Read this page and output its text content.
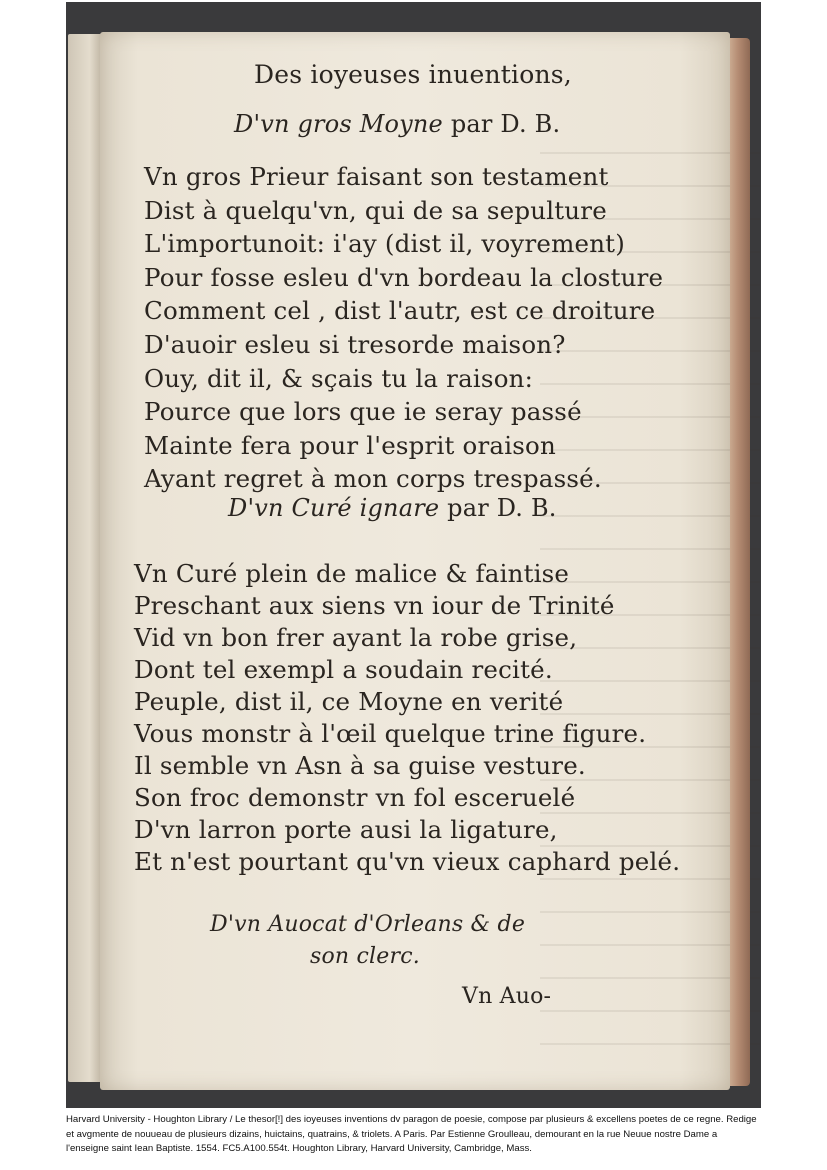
Des ioyeuses inuentions,
D'vn gros Moyne par D. B.
Vn gros Prieur faisant son testament
Dist à quelqu'vn, qui de sa sepulture
L'importunoit: i'ay (dist il, voyrement)
Pour fosse esleu d'vn bordeau la closture
Comment cel , dist l'autr, est ce droiture
D'auoir esleu si tresorde maison?
Ouy, dit il, & sçais tu la raison:
Pource que lors que ie seray passé
Mainte fera pour l'esprit oraison
Ayant regret à mon corps trespassé.
D'vn Curé ignare par D. B.
Vn Curé plein de malice & faintise
Preschant aux siens vn iour de Trinité
Vid vn bon frer ayant la robe grise,
Dont tel exempl a soudain recité.
Peuple, dist il, ce Moyne en verité
Vous monstr à l'œil quelque trine figure.
Il semble vn Asn à sa guise vesture.
Son froc demonstr vn fol esceruelé
D'vn larron porte ausi la ligature,
Et n'est pourtant qu'vn vieux caphard pelé.
D'vn Auocat d'Orleans & de
son clerc.
Vn Auo-
Harvard University - Houghton Library / Le thesor[!] des ioyeuses inventions dv paragon de poesie, compose par plusieurs & excellens poetes de ce regne. Redige et avgmente de nouueau de plusieurs dizains, huictains, quatrains, & triolets. A Paris. Par Estienne Groulleau, demourant en la rue Neuue nostre Dame a l'enseigne saint Iean Baptiste. 1554. FC5.A100.554t. Houghton Library, Harvard University, Cambridge, Mass.
